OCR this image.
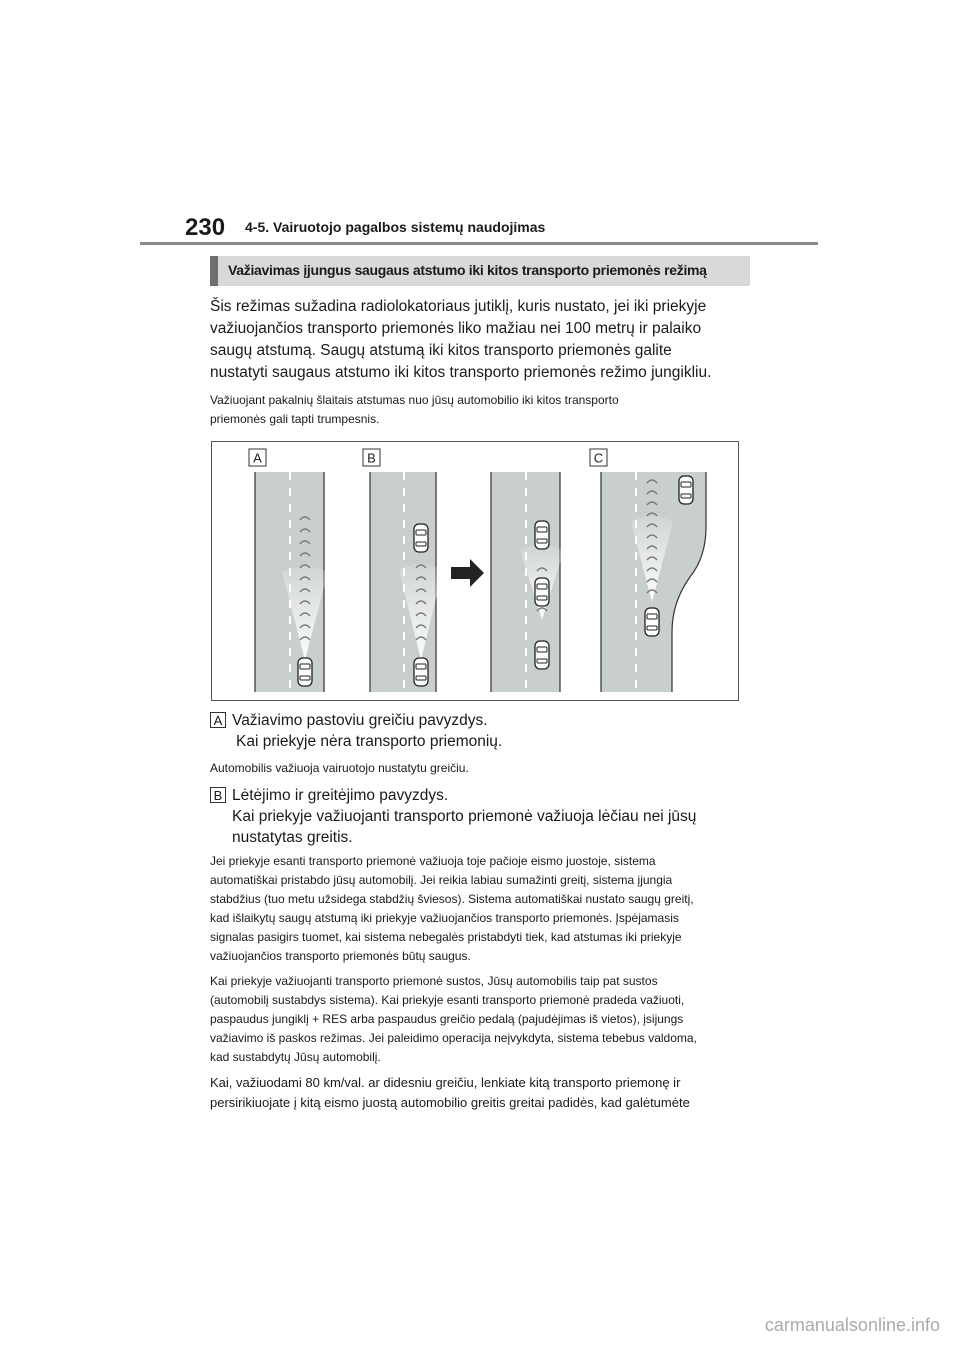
230 4-5. Vairuotojo pagalbos sistemų naudojimas
Važiavimas įjungus saugaus atstumo iki kitos transporto priemonės režimą

Šis režimas sužadina radiolokatoriaus jutiklį, kuris nustato, jei iki priekyje
važiuojančios transporto priemonės liko mažiau nei 100 metrų ir palaiko
saugų atstumą. Saugų atstumą iki kitos transporto priemonės galite
nustatyti saugaus atstumo iki kitos transporto priemonės režimo jungikliu.

Važiuojant pakalnių šlaitais atstumas nuo jūsų automobilio iki kitos transporto
priemonės gali tapti trumpesnis.

A	B	C
A Važiavimo pastoviu greičiu pavyzdys.
Kai priekyje nėra transporto priemonių.

Automobilis važiuoja vairuotojo nustatytu greičiu.

B Lėtėjimo ir greitėjimo pavyzdys.
Kai priekyje važiuojanti transporto priemonė važiuoja lėčiau nei jūsų
nustatytas greitis.

Jei priekyje esanti transporto priemonė važiuoja toje pačioje eismo juostoje, sistema
automatiškai pristabdo jūsų automobilį. Jei reikia labiau sumažinti greitį, sistema įjungia
stabdžius (tuo metu užsidega stabdžių šviesos). Sistema automatiškai nustato saugų greitį,
kad išlaikytų saugų atstumą iki priekyje važiuojančios transporto priemonės. Įspėjamasis
signalas pasigirs tuomet, kai sistema nebegalės pristabdyti tiek, kad atstumas iki priekyje
važiuojančios transporto priemonės būtų saugus.

Kai priekyje važiuojanti transporto priemonė sustos, Jūsų automobilis taip pat sustos
(automobilį sustabdys sistema). Kai priekyje esanti transporto priemonė pradeda važiuoti,
paspaudus jungiklį + RES arba paspaudus greičio pedalą (pajudėjimas iš vietos), įsijungs
važiavimo iš paskos režimas. Jei paleidimo operacija neįvykdyta, sistema tebebus valdoma,
kad sustabdytų Jūsų automobilį.

Kai, važiuodami 80 km/val. ar didesniu greičiu, lenkiate kitą transporto priemonę ir
persirikiuojate į kitą eismo juostą automobilio greitis greitai padidės, kad galėtumėte

carmanualsonline.info
